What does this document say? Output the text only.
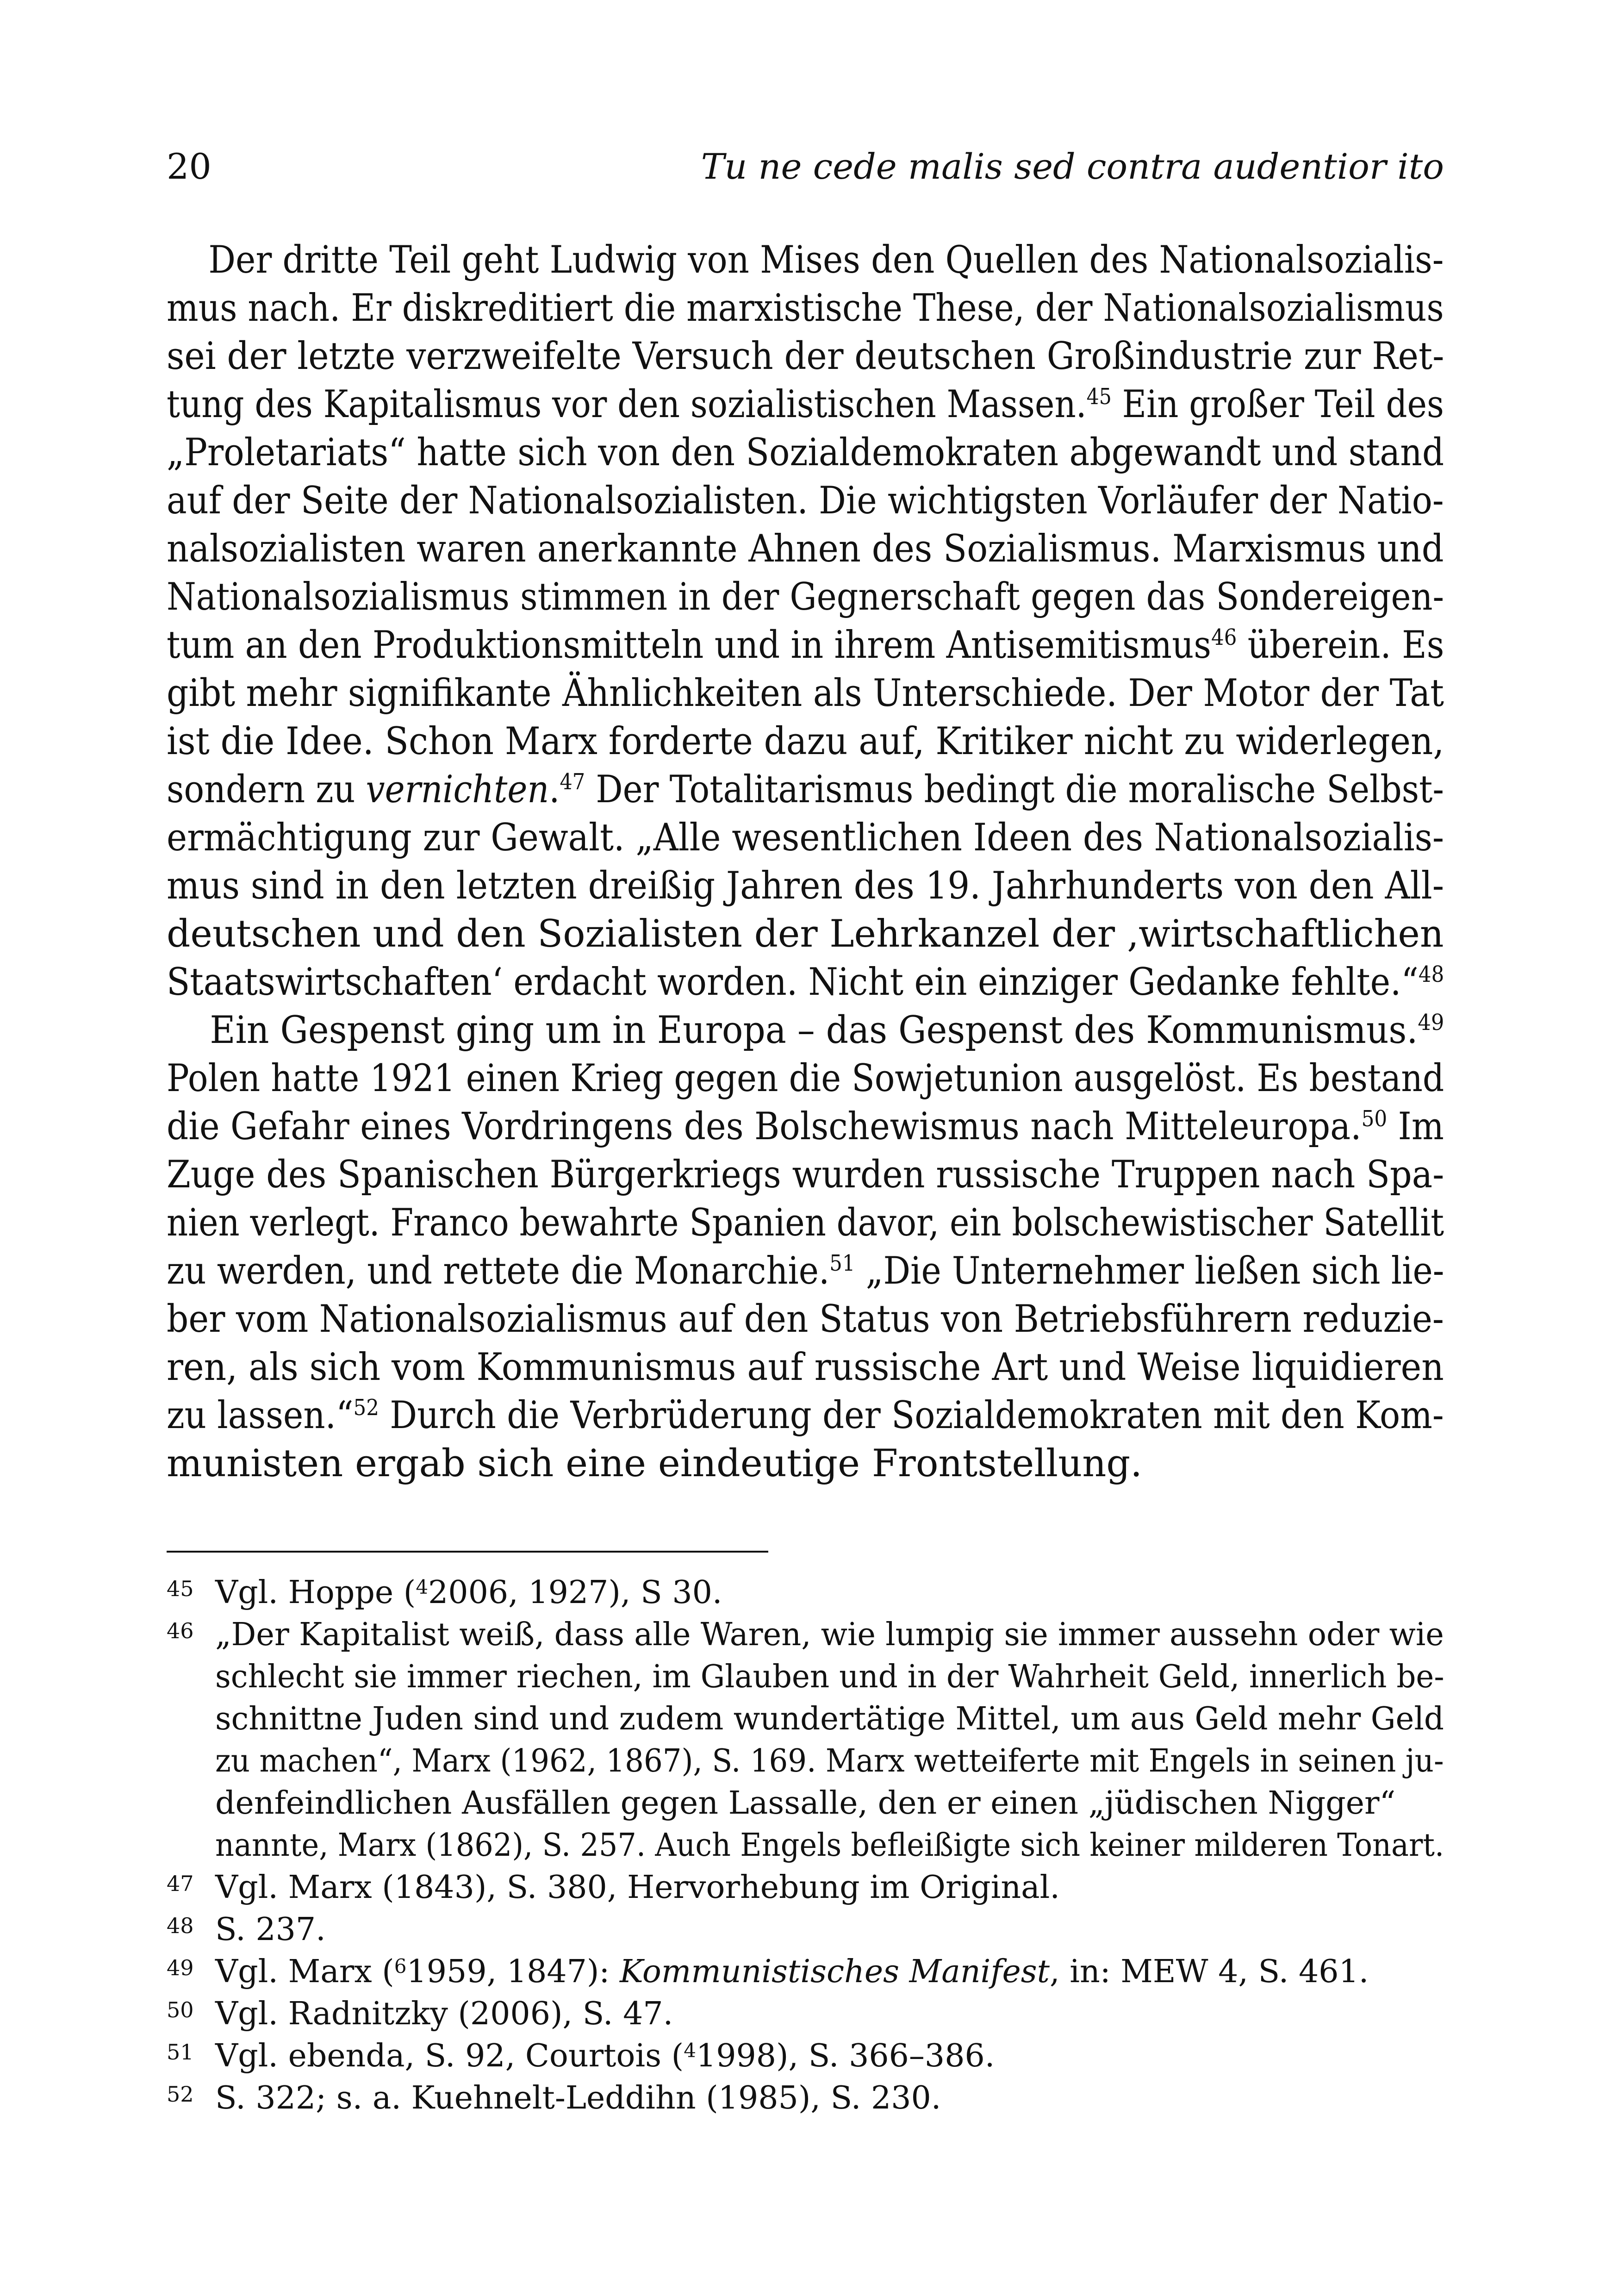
20	Tu ne cede malis sed contra audentior ito

Der dritte Teil geht Ludwig von Mises den Quellen des Nationalsozialis-
mus nach. Er diskreditiert die marxistische These, der Nationalsozialismus
sei der letzte verzweifelte Versuch der deutschen Großindustrie zur Ret-
tung des Kapitalismus vor den sozialistischen Massen.$^{45}$ Ein großer Teil des
„Proletariats“ hatte sich von den Sozialdemokraten abgewandt und stand
auf der Seite der Nationalsozialisten. Die wichtigsten Vorläufer der Natio-
nalsozialisten waren anerkannte Ahnen des Sozialismus. Marxismus und
Nationalsozialismus stimmen in der Gegnerschaft gegen das Sondereigen-
tum an den Produktionsmitteln und in ihrem Antisemitismus$^{46}$ überein. Es
gibt mehr signifikante Ähnlichkeiten als Unterschiede. Der Motor der Tat
ist die Idee. Schon Marx forderte dazu auf, Kritiker nicht zu widerlegen,
sondern zu vernichten.$^{47}$ Der Totalitarismus bedingt die moralische Selbst-
ermächtigung zur Gewalt. „Alle wesentlichen Ideen des Nationalsozialis-
mus sind in den letzten dreißig Jahren des 19. Jahrhunderts von den All-
deutschen und den Sozialisten der Lehrkanzel der ‚wirtschaftlichen
Staatswirtschaften‘ erdacht worden. Nicht ein einziger Gedanke fehlte.“$^{48}$

Ein Gespenst ging um in Europa – das Gespenst des Kommunismus.$^{49}$
Polen hatte 1921 einen Krieg gegen die Sowjetunion ausgelöst. Es bestand
die Gefahr eines Vordringens des Bolschewismus nach Mitteleuropa.$^{50}$ Im
Zuge des Spanischen Bürgerkriegs wurden russische Truppen nach Spa-
nien verlegt. Franco bewahrte Spanien davor, ein bolschewistischer Satellit
zu werden, und rettete die Monarchie.$^{51}$ „Die Unternehmer ließen sich lie-
ber vom Nationalsozialismus auf den Status von Betriebsführern reduzie-
ren, als sich vom Kommunismus auf russische Art und Weise liquidieren
zu lassen.“$^{52}$ Durch die Verbrüderung der Sozialdemokraten mit den Kom-
munisten ergab sich eine eindeutige Frontstellung.

45 Vgl. Hoppe ($^4$2006, 1927), S 30.

46 „Der Kapitalist weiß, dass alle Waren, wie lumpig sie immer aussehn oder wie
schlecht sie immer riechen, im Glauben und in der Wahrheit Geld, innerlich be-
schnittne Juden sind und zudem wundertätige Mittel, um aus Geld mehr Geld
zu machen“, Marx (1962, 1867), S. 169. Marx wetteiferte mit Engels in seinen ju-
denfeindlichen Ausfällen gegen Lassalle, den er einen „jüdischen Nigger“
nannte, Marx (1862), S. 257. Auch Engels befleißigte sich keiner milderen Tonart.

47 Vgl. Marx (1843), S. 380, Hervorhebung im Original.

48 S. 237.

49 Vgl. Marx ($^6$1959, 1847): Kommunistisches Manifest, in: MEW 4, S. 461.

50 Vgl. Radnitzky (2006), S. 47.

51 Vgl. ebenda, S. 92, Courtois ($^4$1998), S. 366–386.

52 S. 322; s. a. Kuehnelt-Leddihn (1985), S. 230.
